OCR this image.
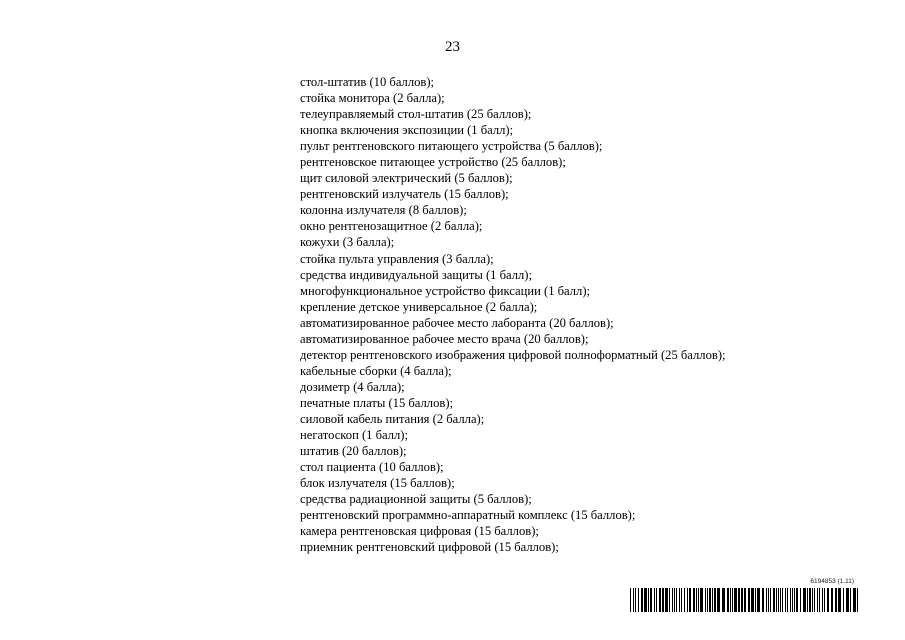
23
стол-штатив (10 баллов);
стойка монитора (2 балла);
телеуправляемый стол-штатив (25 баллов);
кнопка включения экспозиции (1 балл);
пульт рентгеновского питающего устройства (5 баллов);
рентгеновское питающее устройство (25 баллов);
щит силовой электрический (5 баллов);
рентгеновский излучатель (15 баллов);
колонна излучателя (8 баллов);
окно рентгенозащитное (2 балла);
кожухи (3 балла);
стойка пульта управления (3 балла);
средства индивидуальной защиты (1 балл);
многофункциональное устройство фиксации (1 балл);
крепление детское универсальное (2 балла);
автоматизированное рабочее место лаборанта (20 баллов);
автоматизированное рабочее место врача (20 баллов);
детектор рентгеновского изображения цифровой полноформатный (25 баллов);
кабельные сборки (4 балла);
дозиметр (4 балла);
печатные платы (15 баллов);
силовой кабель питания (2 балла);
негатоскоп (1 балл);
штатив (20 баллов);
стол пациента (10 баллов);
блок излучателя (15 баллов);
средства радиационной защиты (5 баллов);
рентгеновский программно-аппаратный комплекс (15 баллов);
камера рентгеновская цифровая (15 баллов);
приемник рентгеновский цифровой (15 баллов);
6194853 (1.11)
